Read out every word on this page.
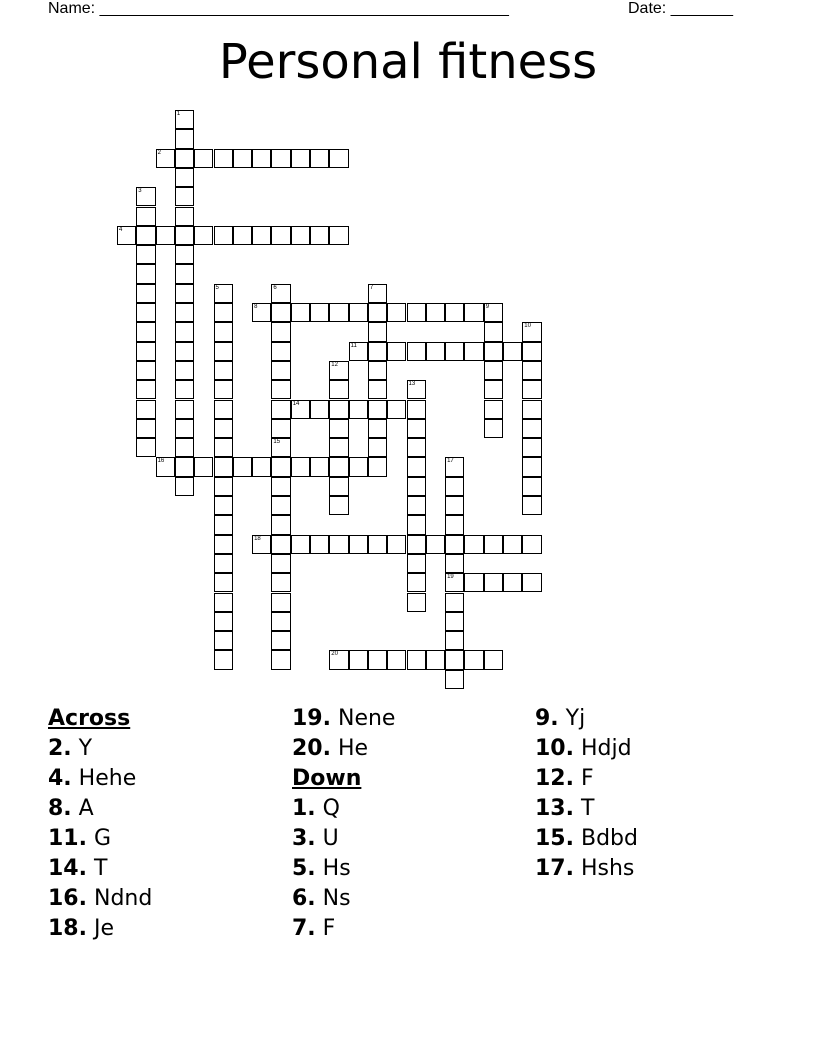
Name: ______________________________________________	Date: _______
Personal fitness
1
2
3
4
5	6
15
7
8	9
10
11
12
13
14
16	17
19
18
20
Across
2. Y
4. Hehe
8. A
11. G
14. T
16. Ndnd
18. Je
19. Nene
20. He
Down
1. Q
3. U
5. Hs
6. Ns
7. F
9. Yj
10. Hdjd
12. F
13. T
15. Bdbd
17. Hshs
